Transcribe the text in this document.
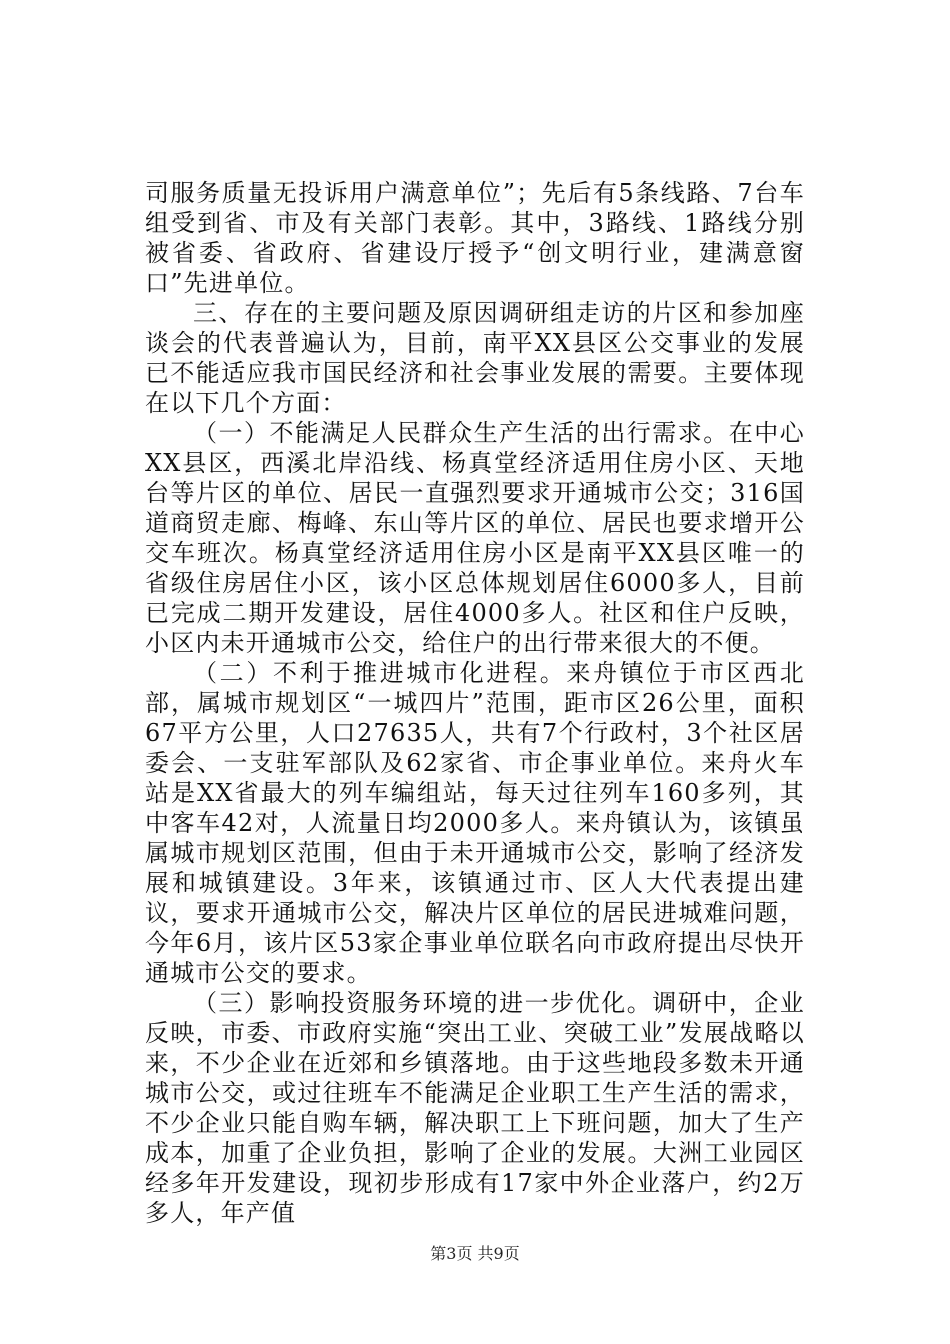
司服务质量无投诉用户满意单位”；先后有5条线路、7台车组受到省、市及有关部门表彰。其中，3路线、1路线分别被省委、省政府、省建设厅授予“创文明行业，建满意窗口”先进单位。

三、存在的主要问题及原因调研组走访的片区和参加座谈会的代表普遍认为，目前，南平XX县区公交事业的发展已不能适应我市国民经济和社会事业发展的需要。主要体现在以下几个方面：

（一）不能满足人民群众生产生活的出行需求。在中心XX县区，西溪北岸沿线、杨真堂经济适用住房小区、天地台等片区的单位、居民一直强烈要求开通城市公交；316国道商贸走廊、梅峰、东山等片区的单位、居民也要求增开公交车班次。杨真堂经济适用住房小区是南平XX县区唯一的省级住房居住小区，该小区总体规划居住6000多人，目前已完成二期开发建设，居住4000多人。社区和住户反映，小区内未开通城市公交，给住户的出行带来很大的不便。

（二）不利于推进城市化进程。来舟镇位于市区西北部，属城市规划区“一城四片”范围，距市区26公里，面积67平方公里，人口27635人，共有7个行政村，3个社区居委会、一支驻军部队及62家省、市企事业单位。来舟火车站是XX省最大的列车编组站，每天过往列车160多列，其中客车42对，人流量日均2000多人。来舟镇认为，该镇虽属城市规划区范围，但由于未开通城市公交，影响了经济发展和城镇建设。3年来，该镇通过市、区人大代表提出建议，要求开通城市公交，解决片区单位的居民进城难问题，今年6月，该片区53家企事业单位联名向市政府提出尽快开通城市公交的要求。

（三）影响投资服务环境的进一步优化。调研中，企业反映，市委、市政府实施“突出工业、突破工业”发展战略以来，不少企业在近郊和乡镇落地。由于这些地段多数未开通城市公交，或过往班车不能满足企业职工生产生活的需求，不少企业只能自购车辆，解决职工上下班问题，加大了生产成本，加重了企业负担，影响了企业的发展。大洲工业园区经多年开发建设，现初步形成有17家中外企业落户，约2万多人，年产值

第3页 共9页
